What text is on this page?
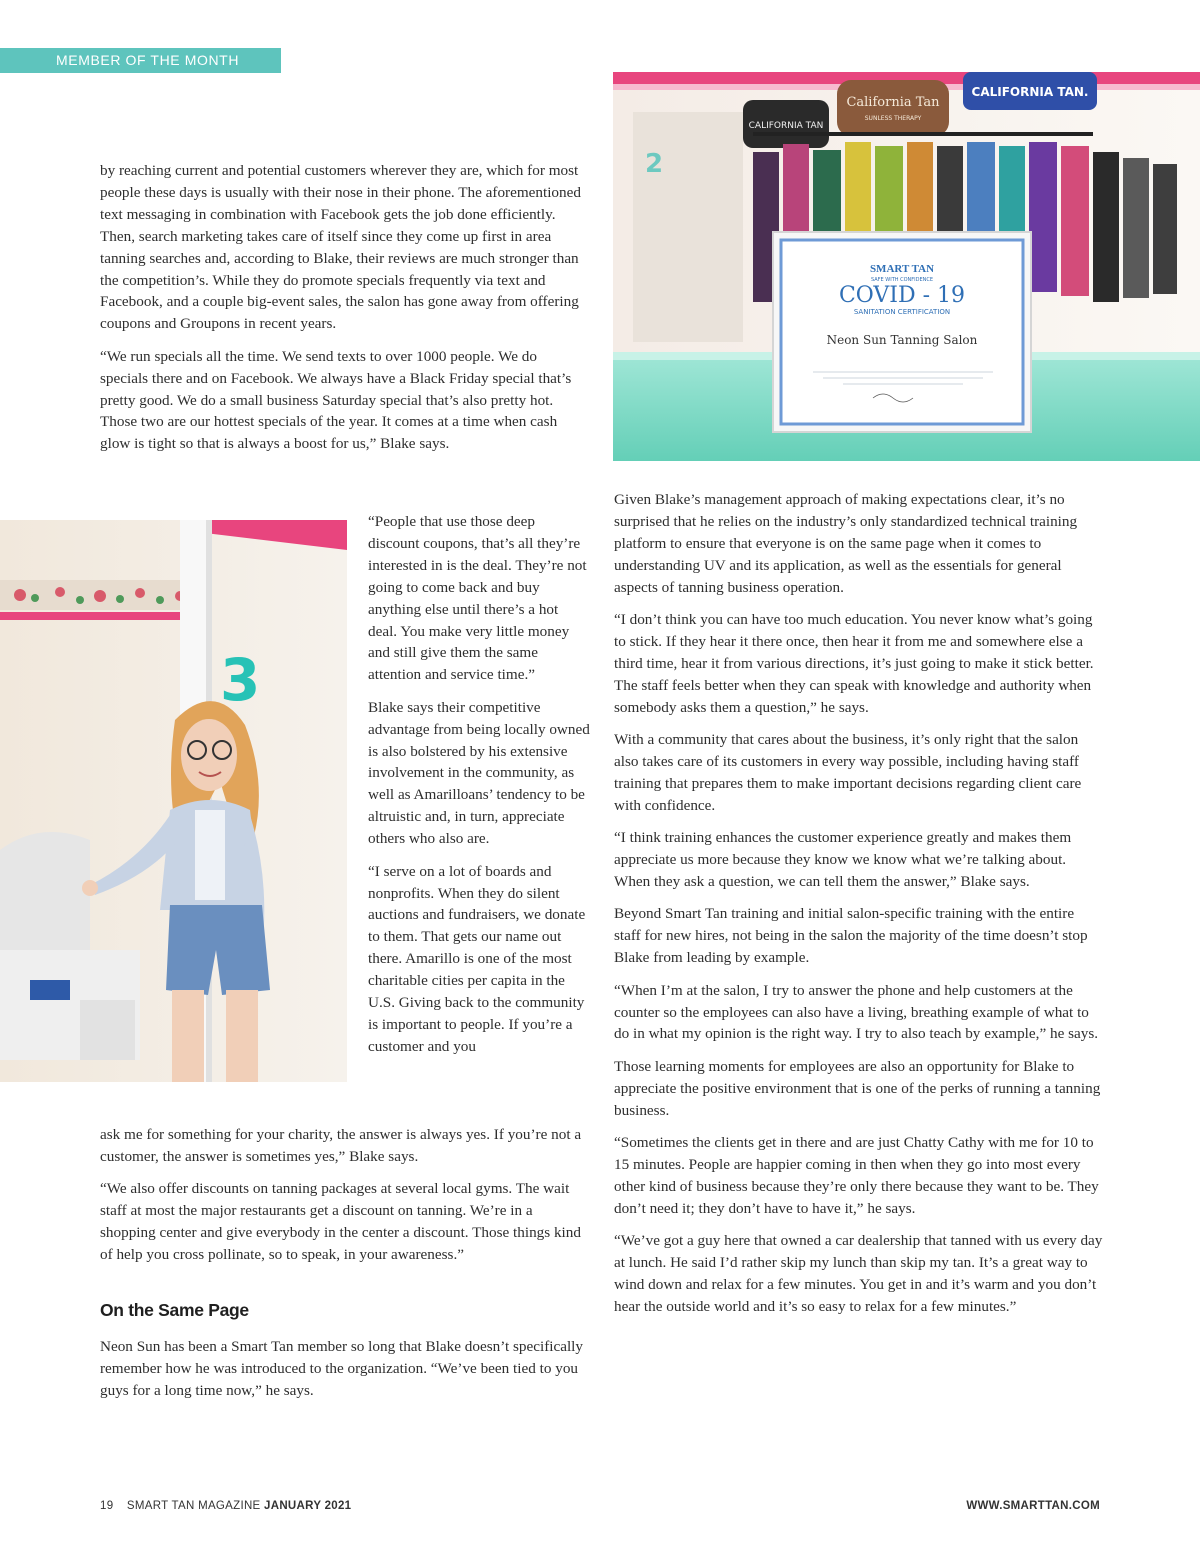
MEMBER OF THE MONTH

by reaching current and potential customers wherever they are, which for most people these days is usually with their nose in their phone. The aforementioned text messaging in combination with Facebook gets the job done efficiently. Then, search marketing takes care of itself since they come up first in area tanning searches and, according to Blake, their reviews are much stronger than the competition’s. While they do promote specials frequently via text and Facebook, and a couple big-event sales, the salon has gone away from offering coupons and Groupons in recent years.

“We run specials all the time. We send texts to over 1000 people. We do specials there and on Facebook. We always have a Black Friday special that’s pretty good. We do a small business Saturday special that’s also pretty hot. Those two are our hottest specials of the year. It comes at a time when cash glow is tight so that is always a boost for us,” Blake says.

“People that use those deep discount coupons, that’s all they’re interested in is the deal. They’re not going to come back and buy anything else until there’s a hot deal. You make very little money and still give them the same attention and service time.”

Blake says their competitive advantage from being locally owned is also bolstered by his extensive involvement in the community, as well as Amarilloans’ tendency to be altruistic and, in turn, appreciate others who also are.

“I serve on a lot of boards and nonprofits. When they do silent auctions and fundraisers, we donate to them. That gets our name out there. Amarillo is one of the most charitable cities per capita in the U.S. Giving back to the community is important to people. If you’re a customer and you

ask me for something for your charity, the answer is always yes. If you’re not a customer, the answer is sometimes yes,” Blake says.

“We also offer discounts on tanning packages at several local gyms. The wait staff at most the major restaurants get a discount on tanning. We’re in a shopping center and give everybody in the center a discount. Those things kind of help you cross pollinate, so to speak, in your awareness.”

On the Same Page

Neon Sun has been a Smart Tan member so long that Blake doesn’t specifically remember how he was introduced to the organization. “We’ve been tied to you guys for a long time now,” he says.

Given Blake’s management approach of making expectations clear, it’s no surprised that he relies on the industry’s only standardized technical training platform to ensure that everyone is on the same page when it comes to understanding UV and its application, as well as the essentials for general aspects of tanning business operation.

“I don’t think you can have too much education. You never know what’s going to stick. If they hear it there once, then hear it from me and somewhere else a third time, hear it from various directions, it’s just going to make it stick better. The staff feels better when they can speak with knowledge and authority when somebody asks them a question,” he says.

With a community that cares about the business, it’s only right that the salon also takes care of its customers in every way possible, including having staff training that prepares them to make important decisions regarding client care with confidence.

“I think training enhances the customer experience greatly and makes them appreciate us more because they know we know what we’re talking about. When they ask a question, we can tell them the answer,” Blake says.

Beyond Smart Tan training and initial salon-specific training with the entire staff for new hires, not being in the salon the majority of the time doesn’t stop Blake from leading by example.

“When I’m at the salon, I try to answer the phone and help customers at the counter so the employees can also have a living, breathing example of what to do in what my opinion is the right way. I try to also teach by example,” he says.

Those learning moments for employees are also an opportunity for Blake to appreciate the positive environment that is one of the perks of running a tanning business.

“Sometimes the clients get in there and are just Chatty Cathy with me for 10 to 15 minutes. People are happier coming in then when they go into most every other kind of business because they’re only there because they want to be. They don’t need it; they don’t have to have it,” he says.

“We’ve got a guy here that owned a car dealership that tanned with us every day at lunch. He said I’d rather skip my lunch than skip my tan. It’s a great way to wind down and relax for a few minutes. You get in and it’s warm and you don’t hear the outside world and it’s so easy to relax for a few minutes.”

2
CALIFORNIA TAN
California Tan
SUNLESS THERAPY
CALIFORNIA TAN.
SMART TAN
SAFE WITH CONFIDENCE
COVID - 19
SANITATION CERTIFICATION
Neon Sun Tanning Salon
3
19 SMART TAN MAGAZINE JANUARY 2021	WWW.SMARTTAN.COM
